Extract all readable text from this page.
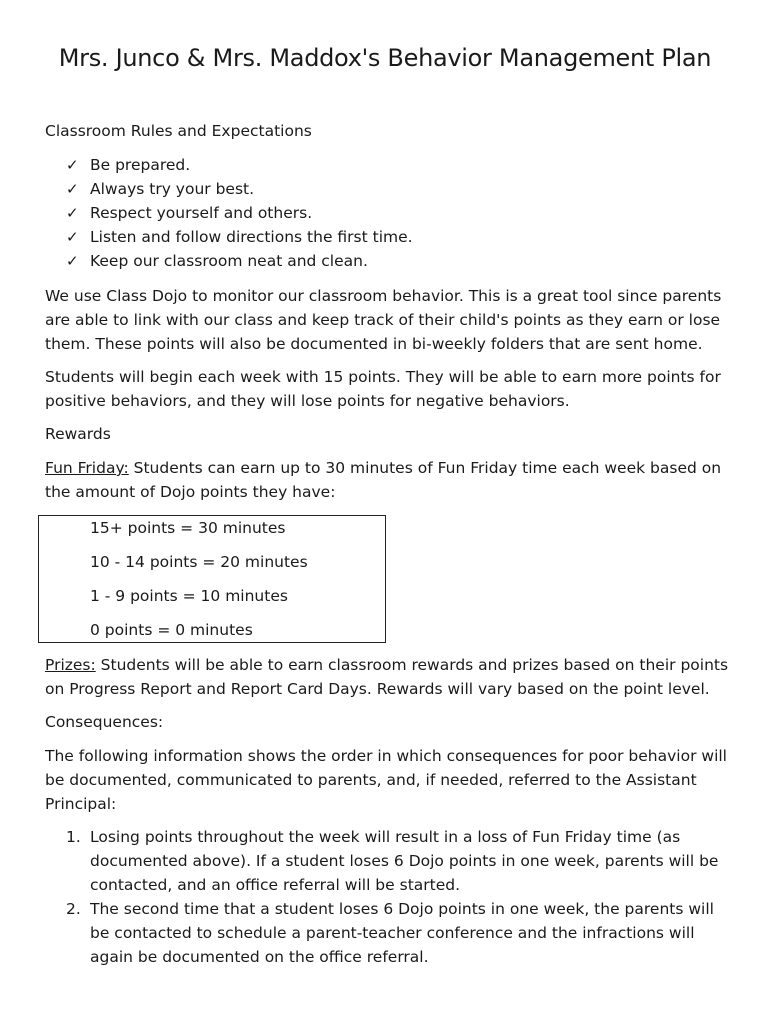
Mrs. Junco & Mrs. Maddox's Behavior Management Plan

Classroom Rules and Expectations

✓ Be prepared.
✓ Always try your best.
✓ Respect yourself and others.
✓ Listen and follow directions the first time.
✓ Keep our classroom neat and clean.

We use Class Dojo to monitor our classroom behavior. This is a great tool since parents are able to link with our class and keep track of their child's points as they earn or lose them. These points will also be documented in bi-weekly folders that are sent home.

Students will begin each week with 15 points. They will be able to earn more points for positive behaviors, and they will lose points for negative behaviors.

Rewards

Fun Friday: Students can earn up to 30 minutes of Fun Friday time each week based on the amount of Dojo points they have:

15+ points = 30 minutes
10 - 14 points = 20 minutes
1 - 9 points = 10 minutes
0 points = 0 minutes

Prizes: Students will be able to earn classroom rewards and prizes based on their points on Progress Report and Report Card Days. Rewards will vary based on the point level.

Consequences:

The following information shows the order in which consequences for poor behavior will be documented, communicated to parents, and, if needed, referred to the Assistant Principal:

1. Losing points throughout the week will result in a loss of Fun Friday time (as documented above). If a student loses 6 Dojo points in one week, parents will be contacted, and an office referral will be started.
2. The second time that a student loses 6 Dojo points in one week, the parents will be contacted to schedule a parent-teacher conference and the infractions will again be documented on the office referral.
